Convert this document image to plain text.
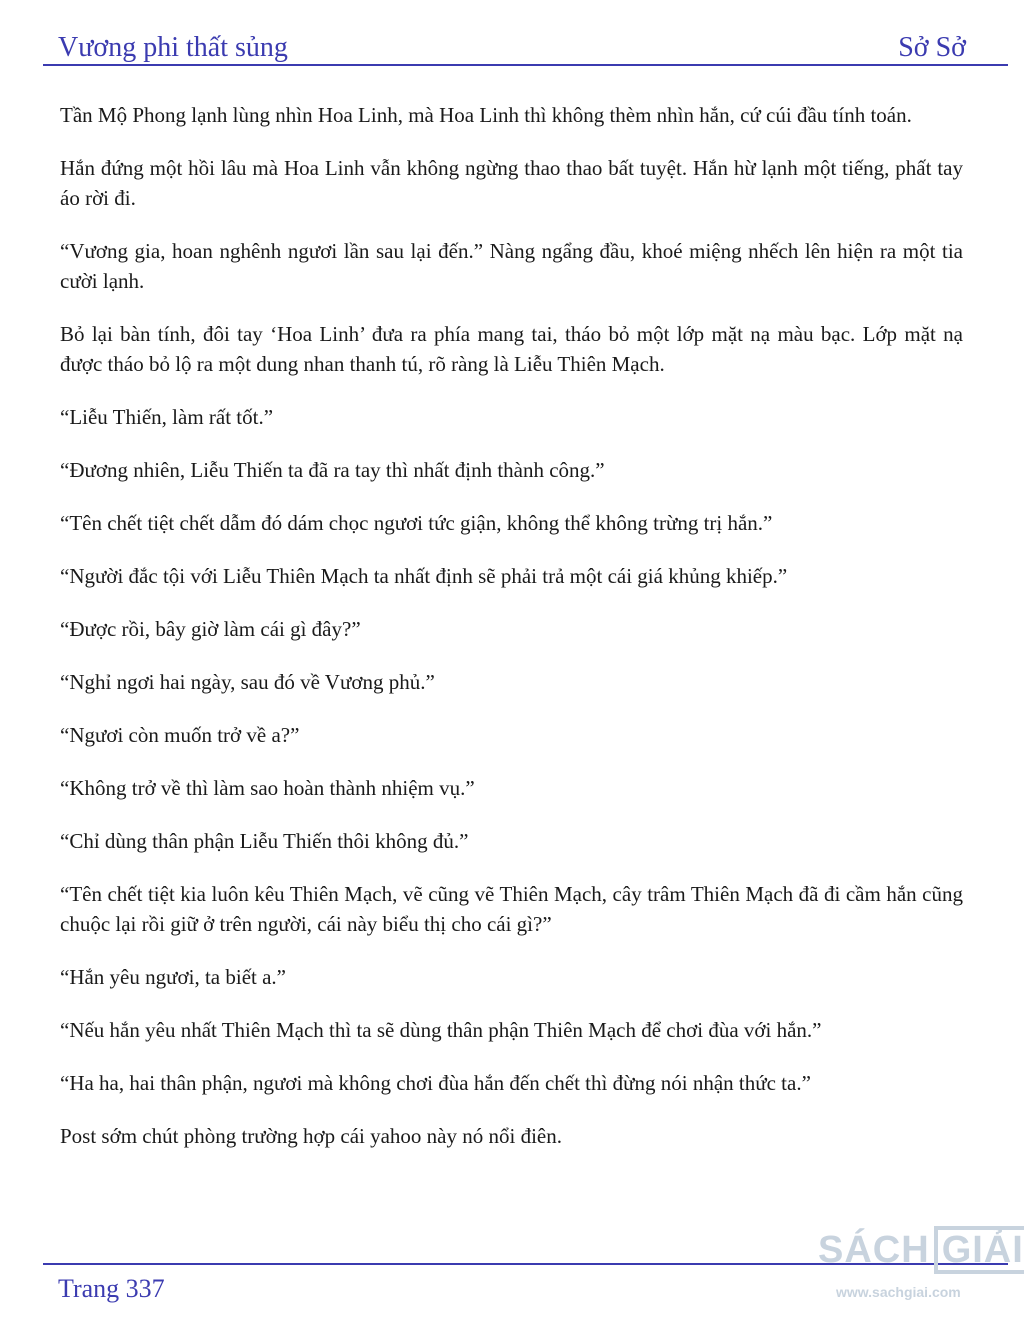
Vương phi thất sủng	Sở Sở

Tần Mộ Phong lạnh lùng nhìn Hoa Linh, mà Hoa Linh thì không thèm nhìn hắn, cứ cúi đầu tính toán.

Hắn đứng một hồi lâu mà Hoa Linh vẫn không ngừng thao thao bất tuyệt. Hắn hừ lạnh một tiếng, phất tay áo rời đi.

“Vương gia, hoan nghênh ngươi lần sau lại đến.” Nàng ngẩng đầu, khoé miệng nhếch lên hiện ra một tia cười lạnh.

Bỏ lại bàn tính, đôi tay ‘Hoa Linh’ đưa ra phía mang tai, tháo bỏ một lớp mặt nạ màu bạc. Lớp mặt nạ được tháo bỏ lộ ra một dung nhan thanh tú, rõ ràng là Liễu Thiên Mạch.

“Liễu Thiến, làm rất tốt.”

“Đương nhiên, Liễu Thiến ta đã ra tay thì nhất định thành công.”

“Tên chết tiệt chết dẫm đó dám chọc ngươi tức giận, không thể không trừng trị hắn.”

“Người đắc tội với Liễu Thiên Mạch ta nhất định sẽ phải trả một cái giá khủng khiếp.”

“Được rồi, bây giờ làm cái gì đây?”

“Nghỉ ngơi hai ngày, sau đó về Vương phủ.”

“Ngươi còn muốn trở về a?”

“Không trở về thì làm sao hoàn thành nhiệm vụ.”

“Chỉ dùng thân phận Liễu Thiến thôi không đủ.”

“Tên chết tiệt kia luôn kêu Thiên Mạch, vẽ cũng vẽ Thiên Mạch, cây trâm Thiên Mạch đã đi cầm hắn cũng chuộc lại rồi giữ ở trên người, cái này biểu thị cho cái gì?”

“Hắn yêu ngươi, ta biết a.”

“Nếu hắn yêu nhất Thiên Mạch thì ta sẽ dùng thân phận Thiên Mạch để chơi đùa với hắn.”

“Ha ha, hai thân phận, ngươi mà không chơi đùa hắn đến chết thì đừng nói nhận thức ta.”

Post sớm chút phòng trường hợp cái yahoo này nó nổi điên.

Trang 337
SÁCH GIẢI
www.sachgiai.com
